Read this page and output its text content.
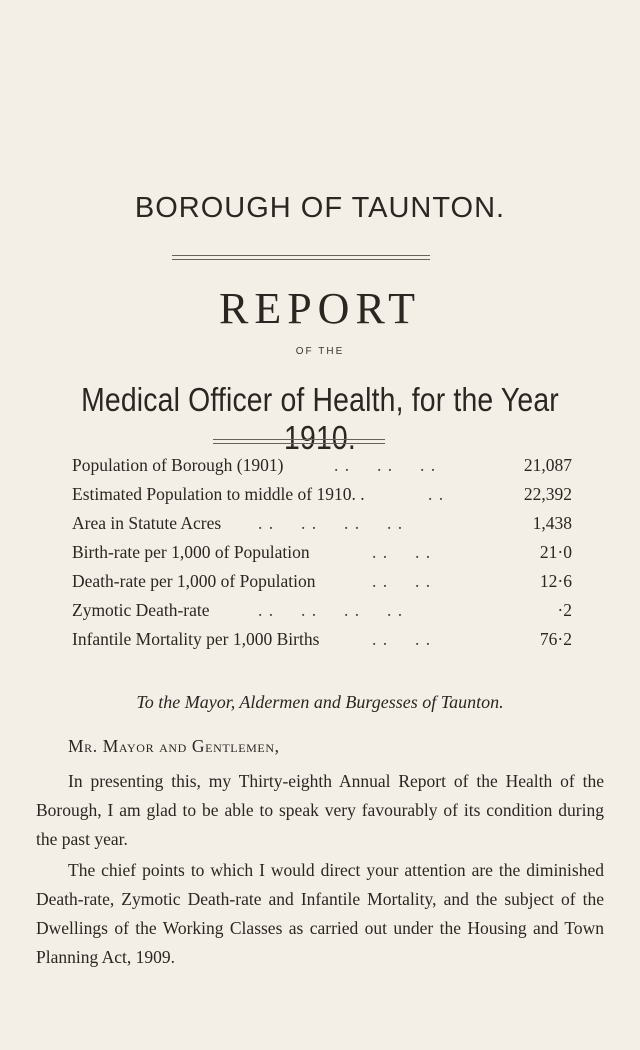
BOROUGH OF TAUNTON.
REPORT
OF THE
Medical Officer of Health, for the Year 1910.
Population of Borough (1901)	. .     . .     . .	21,087
Estimated Population to middle of 1910. .	. .	22,392
Area in Statute Acres . .     . .     . .     . .	1,438
Birth-rate per 1,000 of Population	. .     . .	21·0
Death-rate per 1,000 of Population	. .     . .	12·6
Zymotic Death-rate	. .     . .     . .     . .	·2
Infantile Mortality per 1,000 Births	. .     . .	76·2
To the Mayor, Aldermen and Burgesses of Taunton.
Mr. Mayor and Gentlemen,
In presenting this, my Thirty-eighth Annual Report of the Health of the Borough, I am glad to be able to speak very favourably of its condition during the past year.
The chief points to which I would direct your attention are the diminished Death-rate, Zymotic Death-rate and Infantile Mortality, and the subject of the Dwellings of the Working Classes as carried out under the Housing and Town Planning Act, 1909.
